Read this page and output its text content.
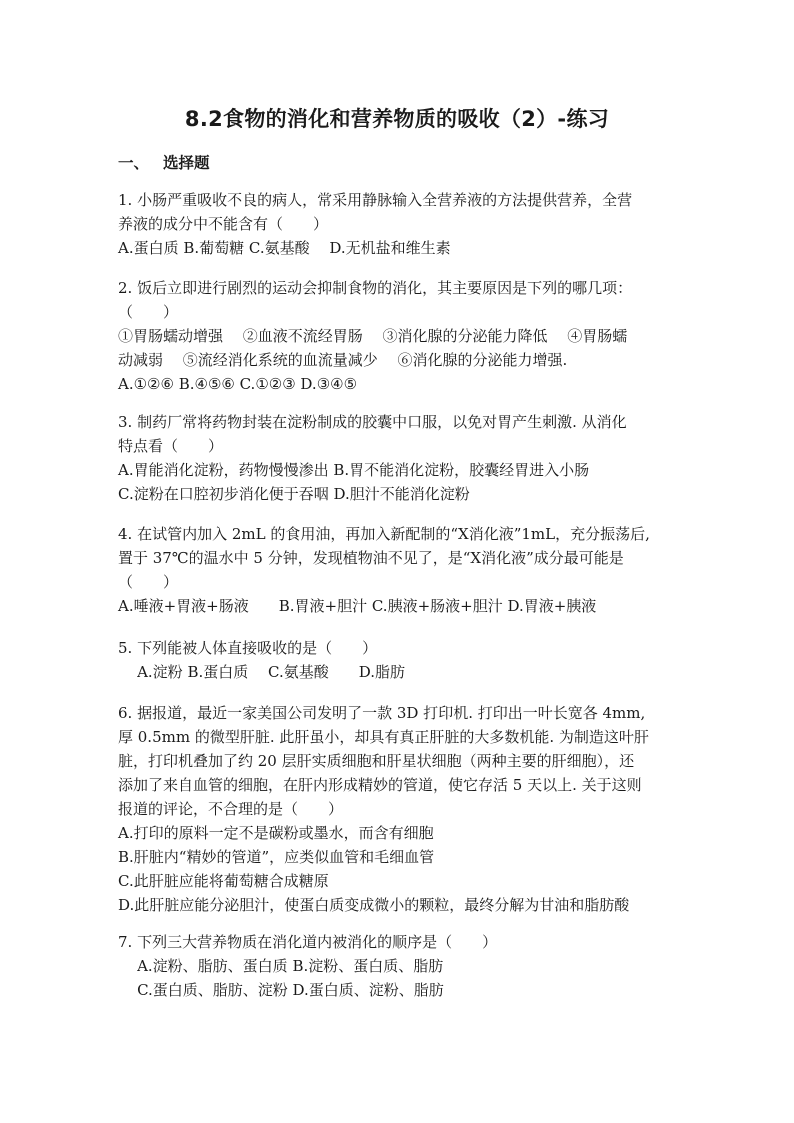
8.2食物的消化和营养物质的吸收（2）-练习
一、 选择题
1. 小肠严重吸收不良的病人，常采用静脉输入全营养液的方法提供营养，全营
养液的成分中不能含有（　　）
A.蛋白质 B.葡萄糖 C.氨基酸　 D.无机盐和维生素
2. 饭后立即进行剧烈的运动会抑制食物的消化，其主要原因是下列的哪几项：
（　　）
①胃肠蠕动增强　 ②血液不流经胃肠　 ③消化腺的分泌能力降低　 ④胃肠蠕
动减弱　 ⑤流经消化系统的血流量减少　 ⑥消化腺的分泌能力增强.
A.①②⑥ B.④⑤⑥ C.①②③ D.③④⑤
3. 制药厂常将药物封装在淀粉制成的胶囊中口服，以免对胃产生刺激. 从消化
特点看（　　）
A.胃能消化淀粉，药物慢慢渗出 B.胃不能消化淀粉，胶囊经胃进入小肠
C.淀粉在口腔初步消化便于吞咽 D.胆汁不能消化淀粉
4. 在试管内加入 2mL 的食用油，再加入新配制的“X消化液”1mL，充分振荡后,
置于 37℃的温水中 5 分钟，发现植物油不见了，是“X消化液”成分最可能是
（　　）
A.唾液+胃液+肠液　　B.胃液+胆汁 C.胰液+肠液+胆汁 D.胃液+胰液
5. 下列能被人体直接吸收的是（　　）
A.淀粉 B.蛋白质　 C.氨基酸　　D.脂肪
6. 据报道，最近一家美国公司发明了一款 3D 打印机. 打印出一叶长宽各 4mm,
厚 0.5mm 的微型肝脏. 此肝虽小，却具有真正肝脏的大多数机能. 为制造这叶肝
脏，打印机叠加了约 20 层肝实质细胞和肝星状细胞（两种主要的肝细胞），还
添加了来自血管的细胞，在肝内形成精妙的管道，使它存活 5 天以上. 关于这则
报道的评论，不合理的是（　　）
A.打印的原料一定不是碳粉或墨水，而含有细胞
B.肝脏内“精妙的管道”，应类似血管和毛细血管
C.此肝脏应能将葡萄糖合成糖原
D.此肝脏应能分泌胆汁，使蛋白质变成微小的颗粒，最终分解为甘油和脂肪酸
7. 下列三大营养物质在消化道内被消化的顺序是（　　）
A.淀粉、脂肪、蛋白质 B.淀粉、蛋白质、脂肪
C.蛋白质、脂肪、淀粉 D.蛋白质、淀粉、脂肪
